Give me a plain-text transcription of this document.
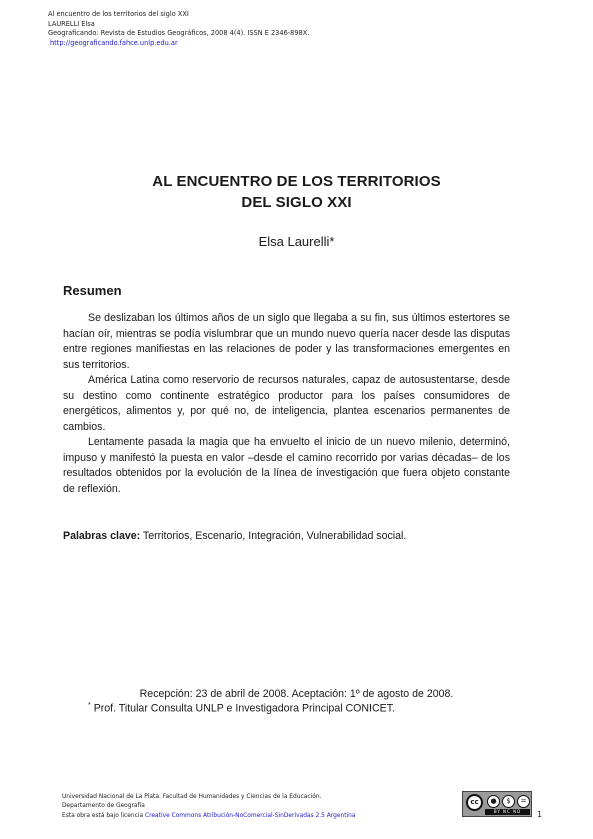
Al encuentro de los territorios del siglo XXI
LAURELLI Elsa
Geograficando: Revista de Estudios Geográficos, 2008 4(4). ISSN E 2346-898X.
http://geograficando.fahce.unlp.edu.ar
AL ENCUENTRO DE LOS TERRITORIOS
DEL SIGLO XXI
Elsa Laurelli*
Resumen

Se deslizaban los últimos años de un siglo que llegaba a su fin, sus últimos estertores se hacían oír, mientras se podía vislumbrar que un mundo nuevo quería nacer desde las disputas entre regiones manifiestas en las relaciones de poder y las transformaciones emergentes en sus territorios.

América Latina como reservorio de recursos naturales, capaz de autosustentarse, desde su destino como continente estratégico productor para los países consumidores de energéticos, alimentos y, por qué no, de inteligencia, plantea escenarios permanentes de cambios.

Lentamente pasada la magia que ha envuelto el inicio de un nuevo milenio, determinó, impuso y manifestó la puesta en valor –desde el camino recorrido por varias décadas– de los resultados obtenidos por la evolución de la línea de investigación que fuera objeto constante de reflexión.

Palabras clave: Territorios, Escenario, Integración, Vulnerabilidad social.
Recepción: 23 de abril de 2008. Aceptación: 1º de agosto de 2008.
* Prof. Titular Consulta UNLP e Investigadora Principal CONICET.
Universidad Nacional de La Plata. Facultad de Humanidades y Ciencias de la Educación.
Departamento de Geografía
Esta obra está bajo licencia Creative Commons Atribución-NoComercial-SinDerivadas 2.5 Argentina
cc	●	$	=
BY NC ND	1
